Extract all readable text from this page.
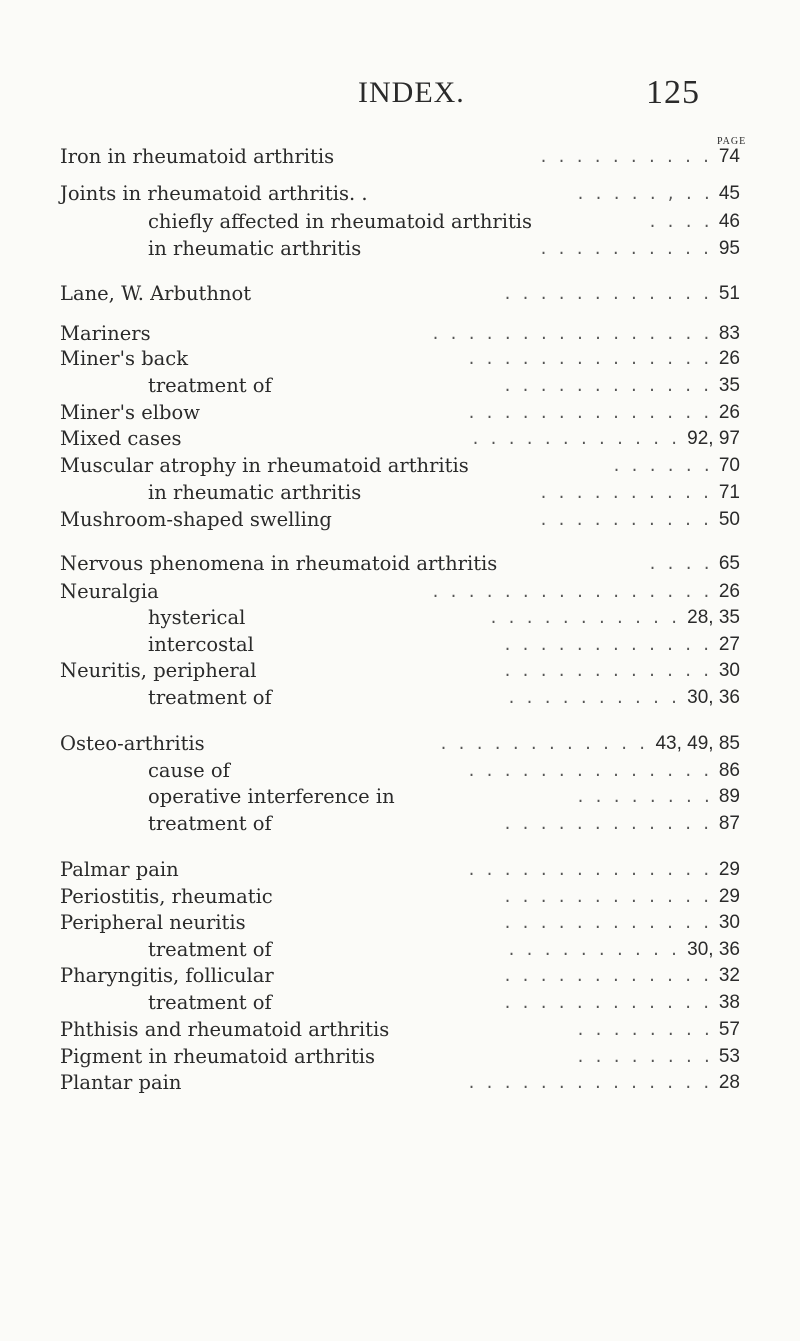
INDEX.	125
PAGE
Iron in rheumatoid arthritis	. . . . . . . . . . 74
Joints in rheumatoid arthritis. .	. . . . . , . . 45
chiefly affected in rheumatoid arthritis	. . . . 46
in rheumatic arthritis	. . . . . . . . . . 95
Lane, W. Arbuthnot	. . . . . . . . . . . . 51
Mariners	. . . . . . . . . . . . . . . . 83
Miner's back	. . . . . . . . . . . . . . 26
treatment of	. . . . . . . . . . . . 35
Miner's elbow	. . . . . . . . . . . . . . 26
Mixed cases	. . . . . . . . . . . . 92, 97
Muscular atrophy in rheumatoid arthritis	. . . . . . 70
in rheumatic arthritis	. . . . . . . . . . 71
Mushroom-shaped swelling	. . . . . . . . . . 50
Nervous phenomena in rheumatoid arthritis	. . . . 65
Neuralgia	. . . . . . . . . . . . . . . . 26
hysterical	. . . . . . . . . . . 28, 35
intercostal	. . . . . . . . . . . . 27
Neuritis, peripheral	. . . . . . . . . . . . 30
treatment of	. . . . . . . . . . 30, 36
Osteo-arthritis	. . . . . . . . . . . . 43, 49, 85
cause of	. . . . . . . . . . . . . . 86
operative interference in	. . . . . . . . 89
treatment of	. . . . . . . . . . . . 87
Palmar pain	. . . . . . . . . . . . . . 29
Periostitis, rheumatic	. . . . . . . . . . . . 29
Peripheral neuritis	. . . . . . . . . . . . 30
treatment of	. . . . . . . . . . 30, 36
Pharyngitis, follicular	. . . . . . . . . . . . 32
treatment of	. . . . . . . . . . . . 38
Phthisis and rheumatoid arthritis	. . . . . . . . 57
Pigment in rheumatoid arthritis	. . . . . . . . 53
Plantar pain	. . . . . . . . . . . . . . 28
